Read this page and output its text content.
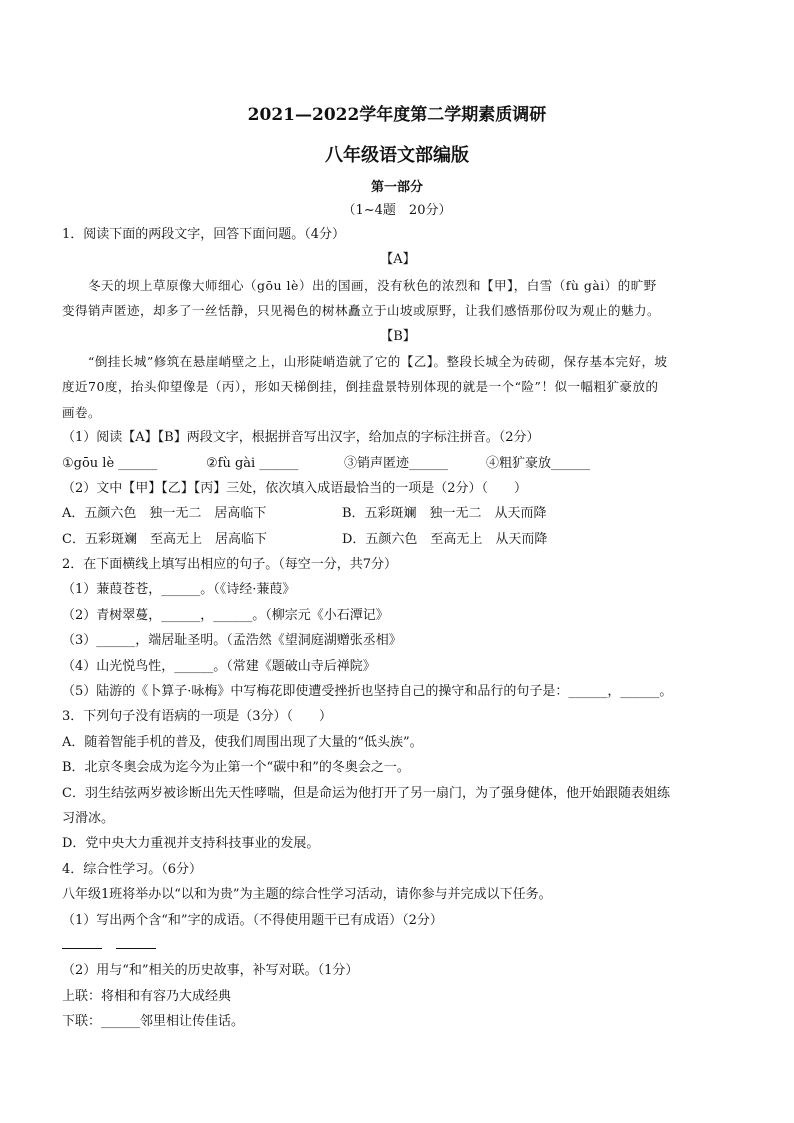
2021—2022学年度第二学期素质调研
八年级语文部编版
第一部分
（1~4题　20分）
1．阅读下面的两段文字，回答下面问题。（4分）
【A】
冬天的坝上草原像大师细心（gōu lè）出的国画，没有秋色的浓烈和【甲】，白雪（fù gài）的旷野
变得销声匿迹，却多了一丝恬静，只见褐色的树林矗立于山坡或原野，让我们感悟那份叹为观止的魅力。
【B】
“倒挂长城”修筑在悬崖峭壁之上，山形陡峭造就了它的【乙】。整段长城全为砖砌，保存基本完好，坡
度近70度，抬头仰望像是（丙），形如天梯倒挂，倒挂盘景特别体现的就是一个“险”！似一幅粗犷豪放的
画卷。
（1）阅读【A】【B】两段文字，根据拼音写出汉字，给加点的字标注拼音。（2分）
①gōu lè ______	②fù gài ______	③销声匿迹______	④粗犷豪放______
（2）文中【甲】【乙】【丙】三处，依次填入成语最恰当的一项是（2分）（　　）
A．五颜六色　独一无二　居高临下	B．五彩斑斓　独一无二　从天而降
C．五彩斑斓　至高无上　居高临下	D．五颜六色　至高无上　从天而降
2．在下面横线上填写出相应的句子。（每空一分，共7分）
（1）蒹葭苍苍，______。（《诗经·蒹葭》
（2）青树翠蔓，______，______。（柳宗元《小石潭记》
（3）______，端居耻圣明。（孟浩然《望洞庭湖赠张丞相》
（4）山光悦鸟性，______。（常建《题破山寺后禅院》
（5）陆游的《卜算子·咏梅》中写梅花即使遭受挫折也坚持自己的操守和品行的句子是：______，______。
3．下列句子没有语病的一项是（3分）（　　）
A．随着智能手机的普及，使我们周围出现了大量的“低头族”。
B．北京冬奥会成为迄今为止第一个“碳中和”的冬奥会之一。
C．羽生结弦两岁被诊断出先天性哮喘，但是命运为他打开了另一扇门，为了强身健体，他开始跟随表姐练
习滑冰。
D．党中央大力重视并支持科技事业的发展。
4．综合性学习。（6分）
八年级1班将举办以“以和为贵”为主题的综合性学习活动，请你参与并完成以下任务。
（1）写出两个含“和”字的成语。（不得使用题干已有成语）（2分）
（2）用与“和”相关的历史故事，补写对联。（1分）
上联：将相和有容乃大成经典
下联：______邻里相让传佳话。
